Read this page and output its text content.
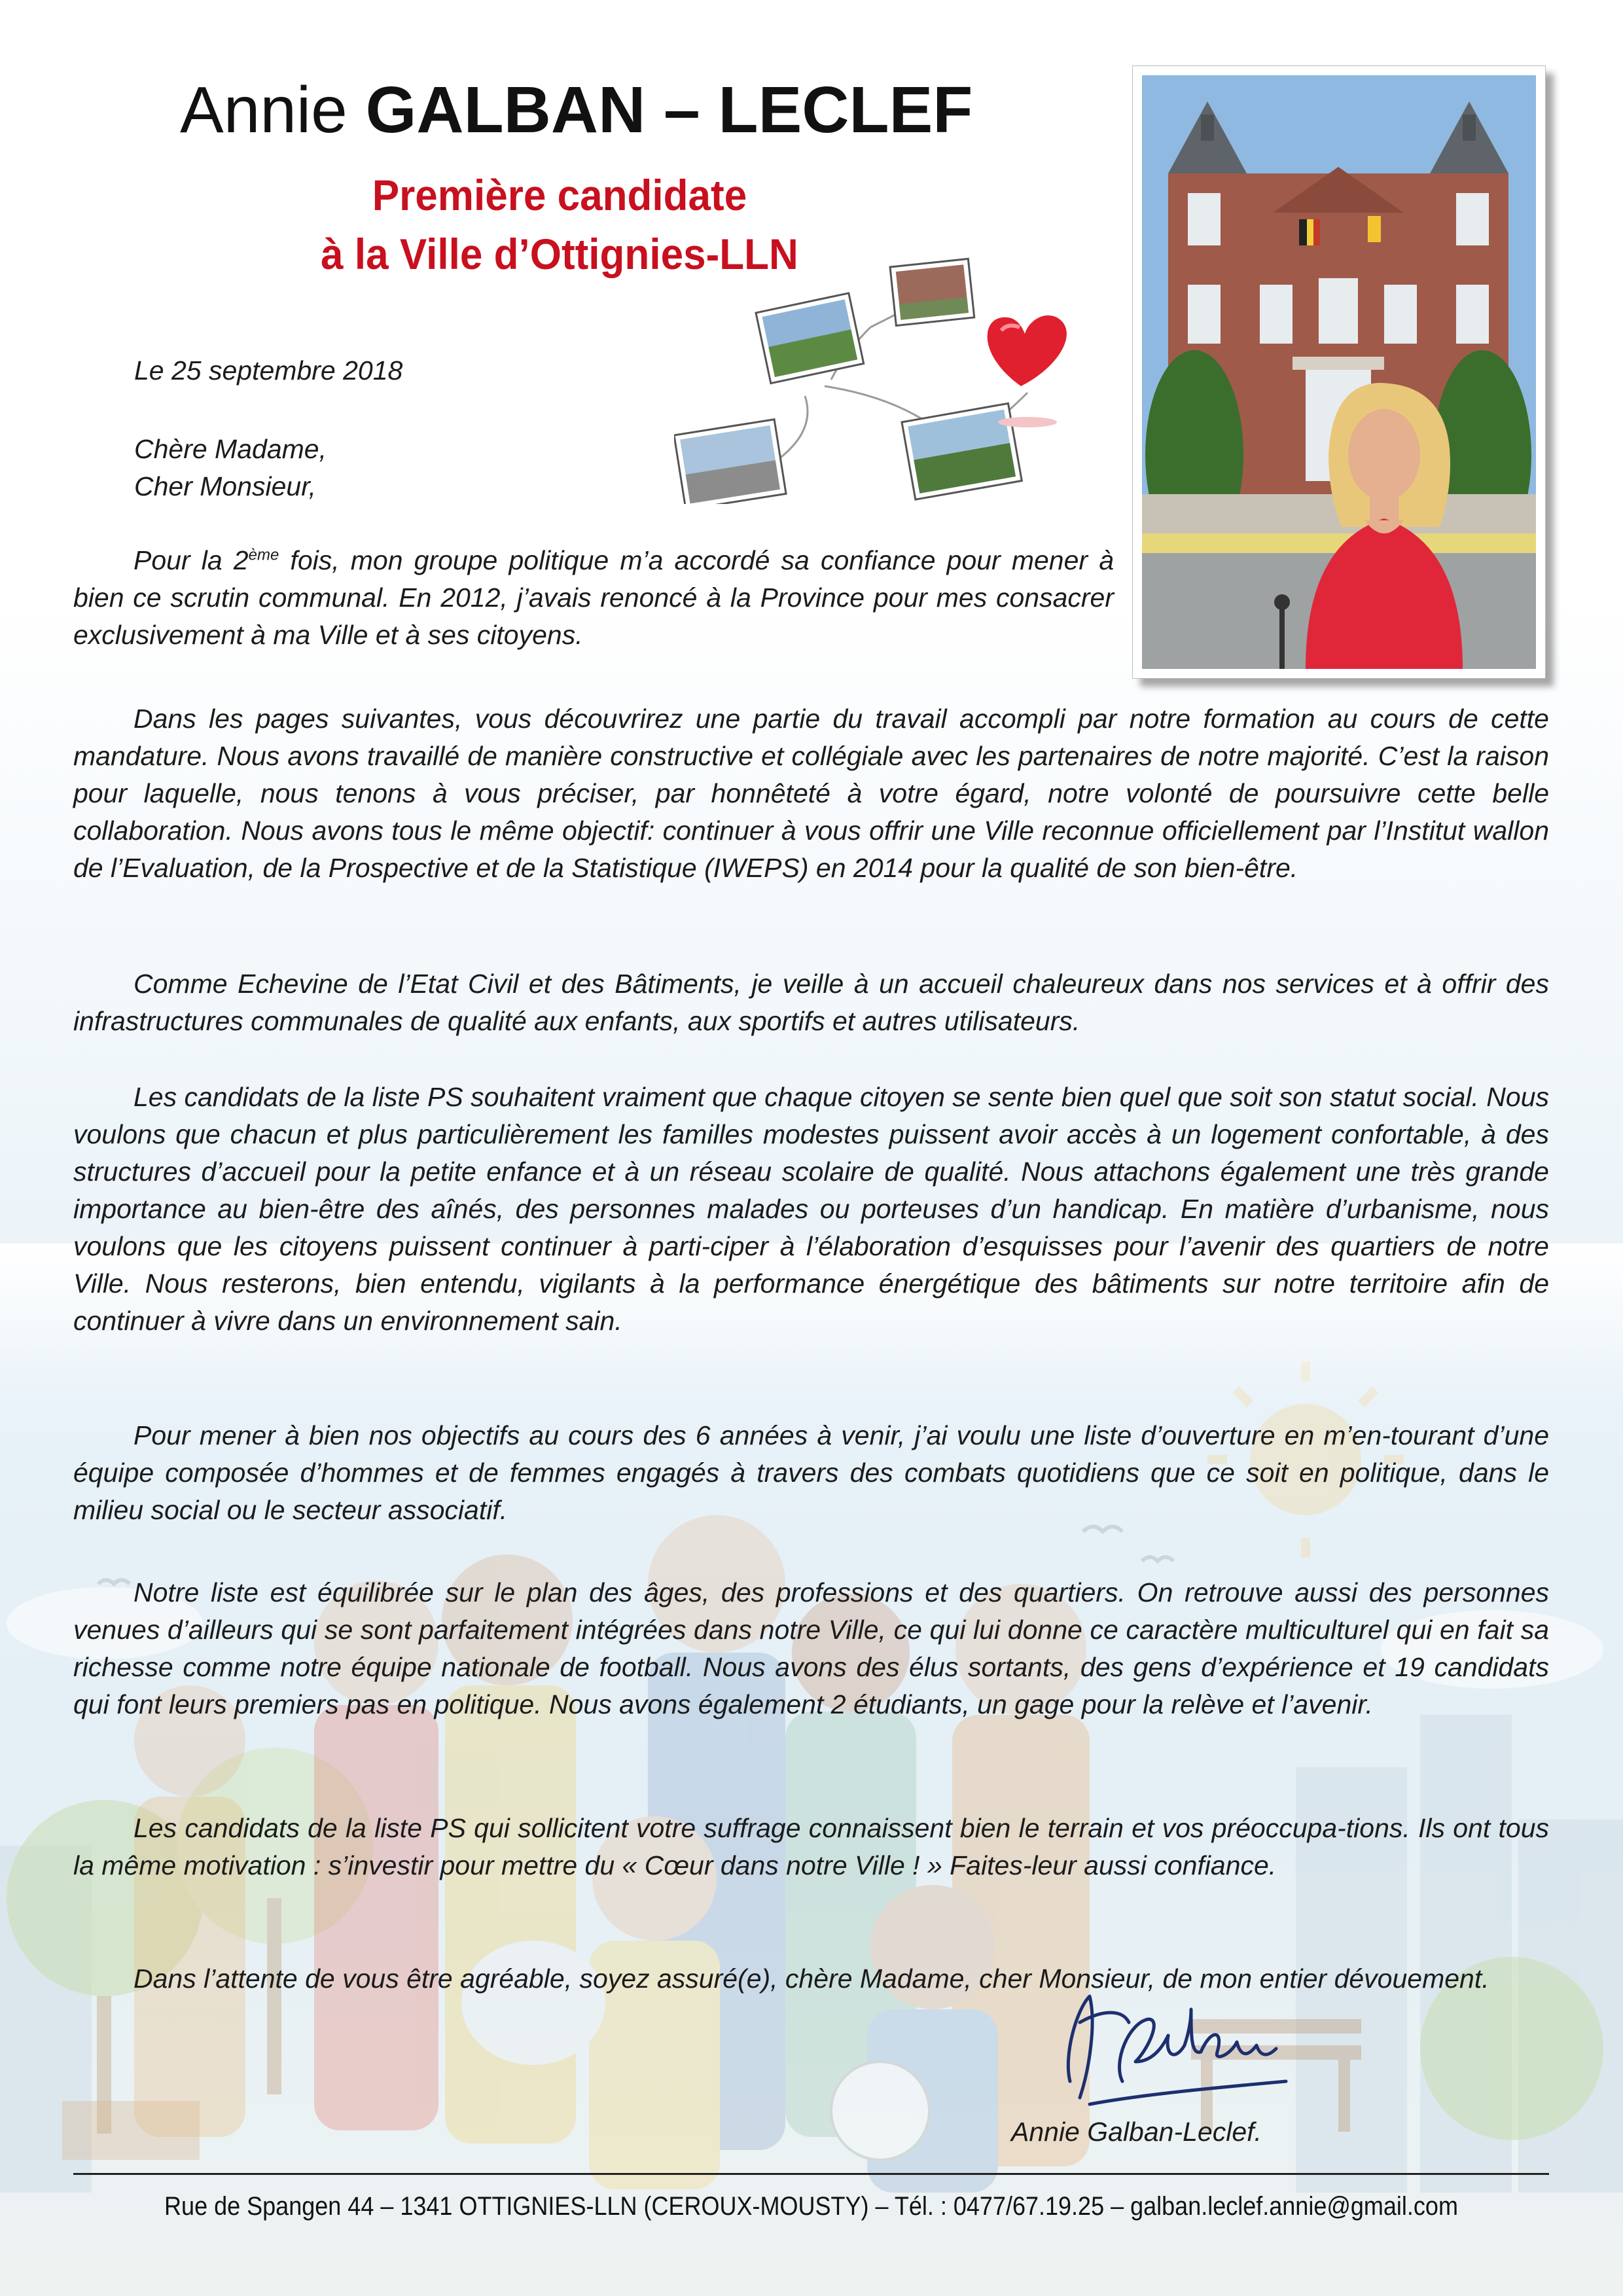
Annie GALBAN – LECLEF
Première candidate
à la Ville d’Ottignies-LLN

Le 25 septembre 2018

Chère Madame,
Cher Monsieur,

Pour la 2ème fois, mon groupe politique m’a accordé sa confiance pour mener à bien ce scrutin communal. En 2012, j’avais renoncé à la Province pour mes consacrer exclusivement à ma Ville et à ses citoyens.

Dans les pages suivantes, vous découvrirez une partie du travail accompli par notre formation au cours de cette mandature. Nous avons travaillé de manière constructive et collégiale avec les partenaires de notre majorité. C’est la raison pour laquelle, nous tenons à vous préciser, par honnêteté à votre égard, notre volonté de poursuivre cette belle collaboration. Nous avons tous le même objectif: continuer à vous offrir une Ville reconnue officiellement par l’Institut wallon de l’Evaluation, de la Prospective et de la Statistique (IWEPS) en 2014 pour la qualité de son bien-être.

Comme Echevine de l’Etat Civil et des Bâtiments, je veille à un accueil chaleureux dans nos services et à offrir des infrastructures communales de qualité aux enfants, aux sportifs et autres utilisateurs.

Les candidats de la liste PS souhaitent vraiment que chaque citoyen se sente bien quel que soit son statut social. Nous voulons que chacun et plus particulièrement les familles modestes puissent avoir accès à un logement confortable, à des structures d’accueil pour la petite enfance et à un réseau scolaire de qualité. Nous attachons également une très grande importance au bien-être des aînés, des personnes malades ou porteuses d’un handicap. En matière d’urbanisme, nous voulons que les citoyens puissent continuer à parti-ciper à l’élaboration d’esquisses pour l’avenir des quartiers de notre Ville. Nous resterons, bien entendu, vigilants à la performance énergétique des bâtiments sur notre territoire afin de continuer à vivre dans un environnement sain.

Pour mener à bien nos objectifs au cours des 6 années à venir, j’ai voulu une liste d’ouverture en m’en-tourant d’une équipe composée d’hommes et de femmes engagés à travers des combats quotidiens que ce soit en politique, dans le milieu social ou le secteur associatif.

Notre liste est équilibrée sur le plan des âges, des professions et des quartiers. On retrouve aussi des personnes venues d’ailleurs qui se sont parfaitement intégrées dans notre Ville, ce qui lui donne ce caractère multiculturel qui en fait sa richesse comme notre équipe nationale de football. Nous avons des élus sortants, des gens d’expérience et 19 candidats qui font leurs premiers pas en politique. Nous avons également 2 étudiants, un gage pour la relève et l’avenir.

Les candidats de la liste PS qui sollicitent votre suffrage connaissent bien le terrain et vos préoccupa-tions. Ils ont tous la même motivation : s’investir pour mettre du « Cœur dans notre Ville ! » Faites-leur aussi confiance.

Dans l’attente de vous être agréable, soyez assuré(e), chère Madame, cher Monsieur, de mon entier dévouement.

Annie Galban-Leclef.

Rue de Spangen 44 – 1341 OTTIGNIES-LLN (CEROUX-MOUSTY) – Tél. : 0477/67.19.25 – galban.leclef.annie@gmail.com
